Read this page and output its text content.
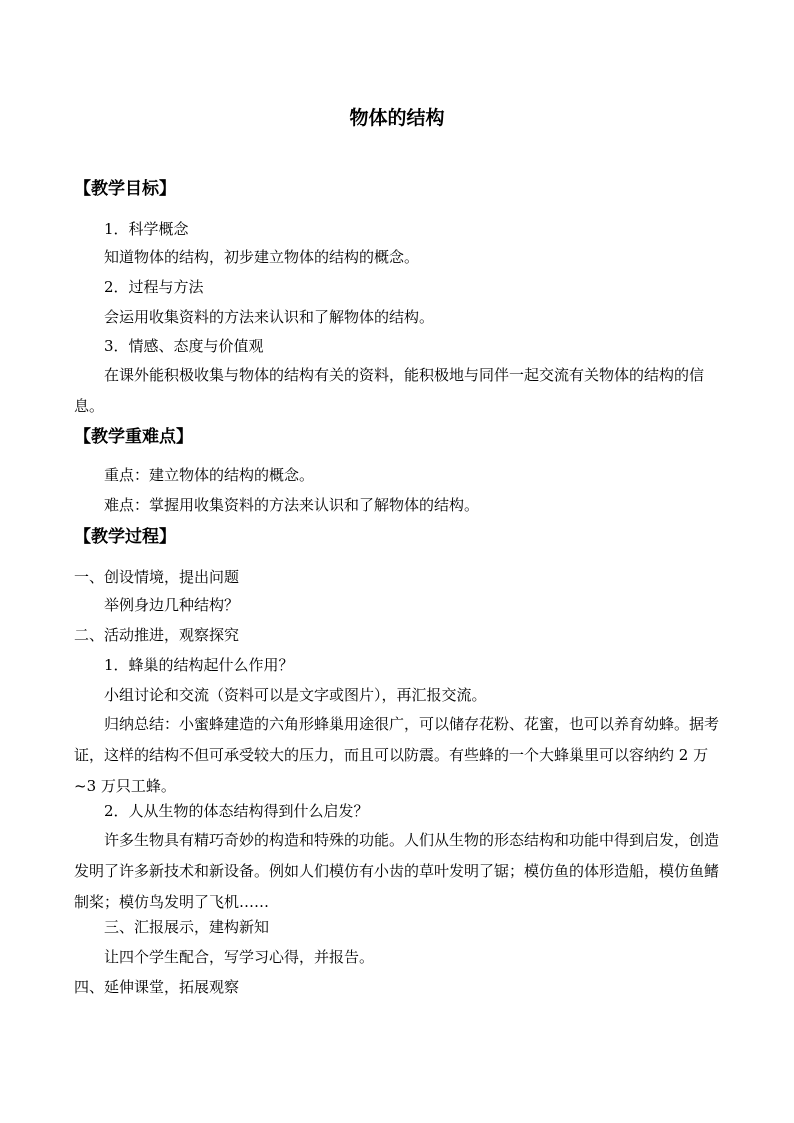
物体的结构
【教学目标】
1．科学概念
知道物体的结构，初步建立物体的结构的概念。
2．过程与方法
会运用收集资料的方法来认识和了解物体的结构。
3．情感、态度与价值观
在课外能积极收集与物体的结构有关的资料，能积极地与同伴一起交流有关物体的结构的信息。
【教学重难点】
重点：建立物体的结构的概念。
难点：掌握用收集资料的方法来认识和了解物体的结构。
【教学过程】
一、创设情境，提出问题
举例身边几种结构？
二、活动推进，观察探究
1．蜂巢的结构起什么作用？
小组讨论和交流（资料可以是文字或图片），再汇报交流。
归纳总结：小蜜蜂建造的六角形蜂巢用途很广，可以储存花粉、花蜜，也可以养育幼蜂。据考证，这样的结构不但可承受较大的压力，而且可以防震。有些蜂的一个大蜂巢里可以容纳约 2 万~3 万只工蜂。
2．人从生物的体态结构得到什么启发？
许多生物具有精巧奇妙的构造和特殊的功能。人们从生物的形态结构和功能中得到启发，创造发明了许多新技术和新设备。例如人们模仿有小齿的草叶发明了锯；模仿鱼的体形造船，模仿鱼鳍制桨；模仿鸟发明了飞机……
三、汇报展示，建构新知
让四个学生配合，写学习心得，并报告。
四、延伸课堂，拓展观察
